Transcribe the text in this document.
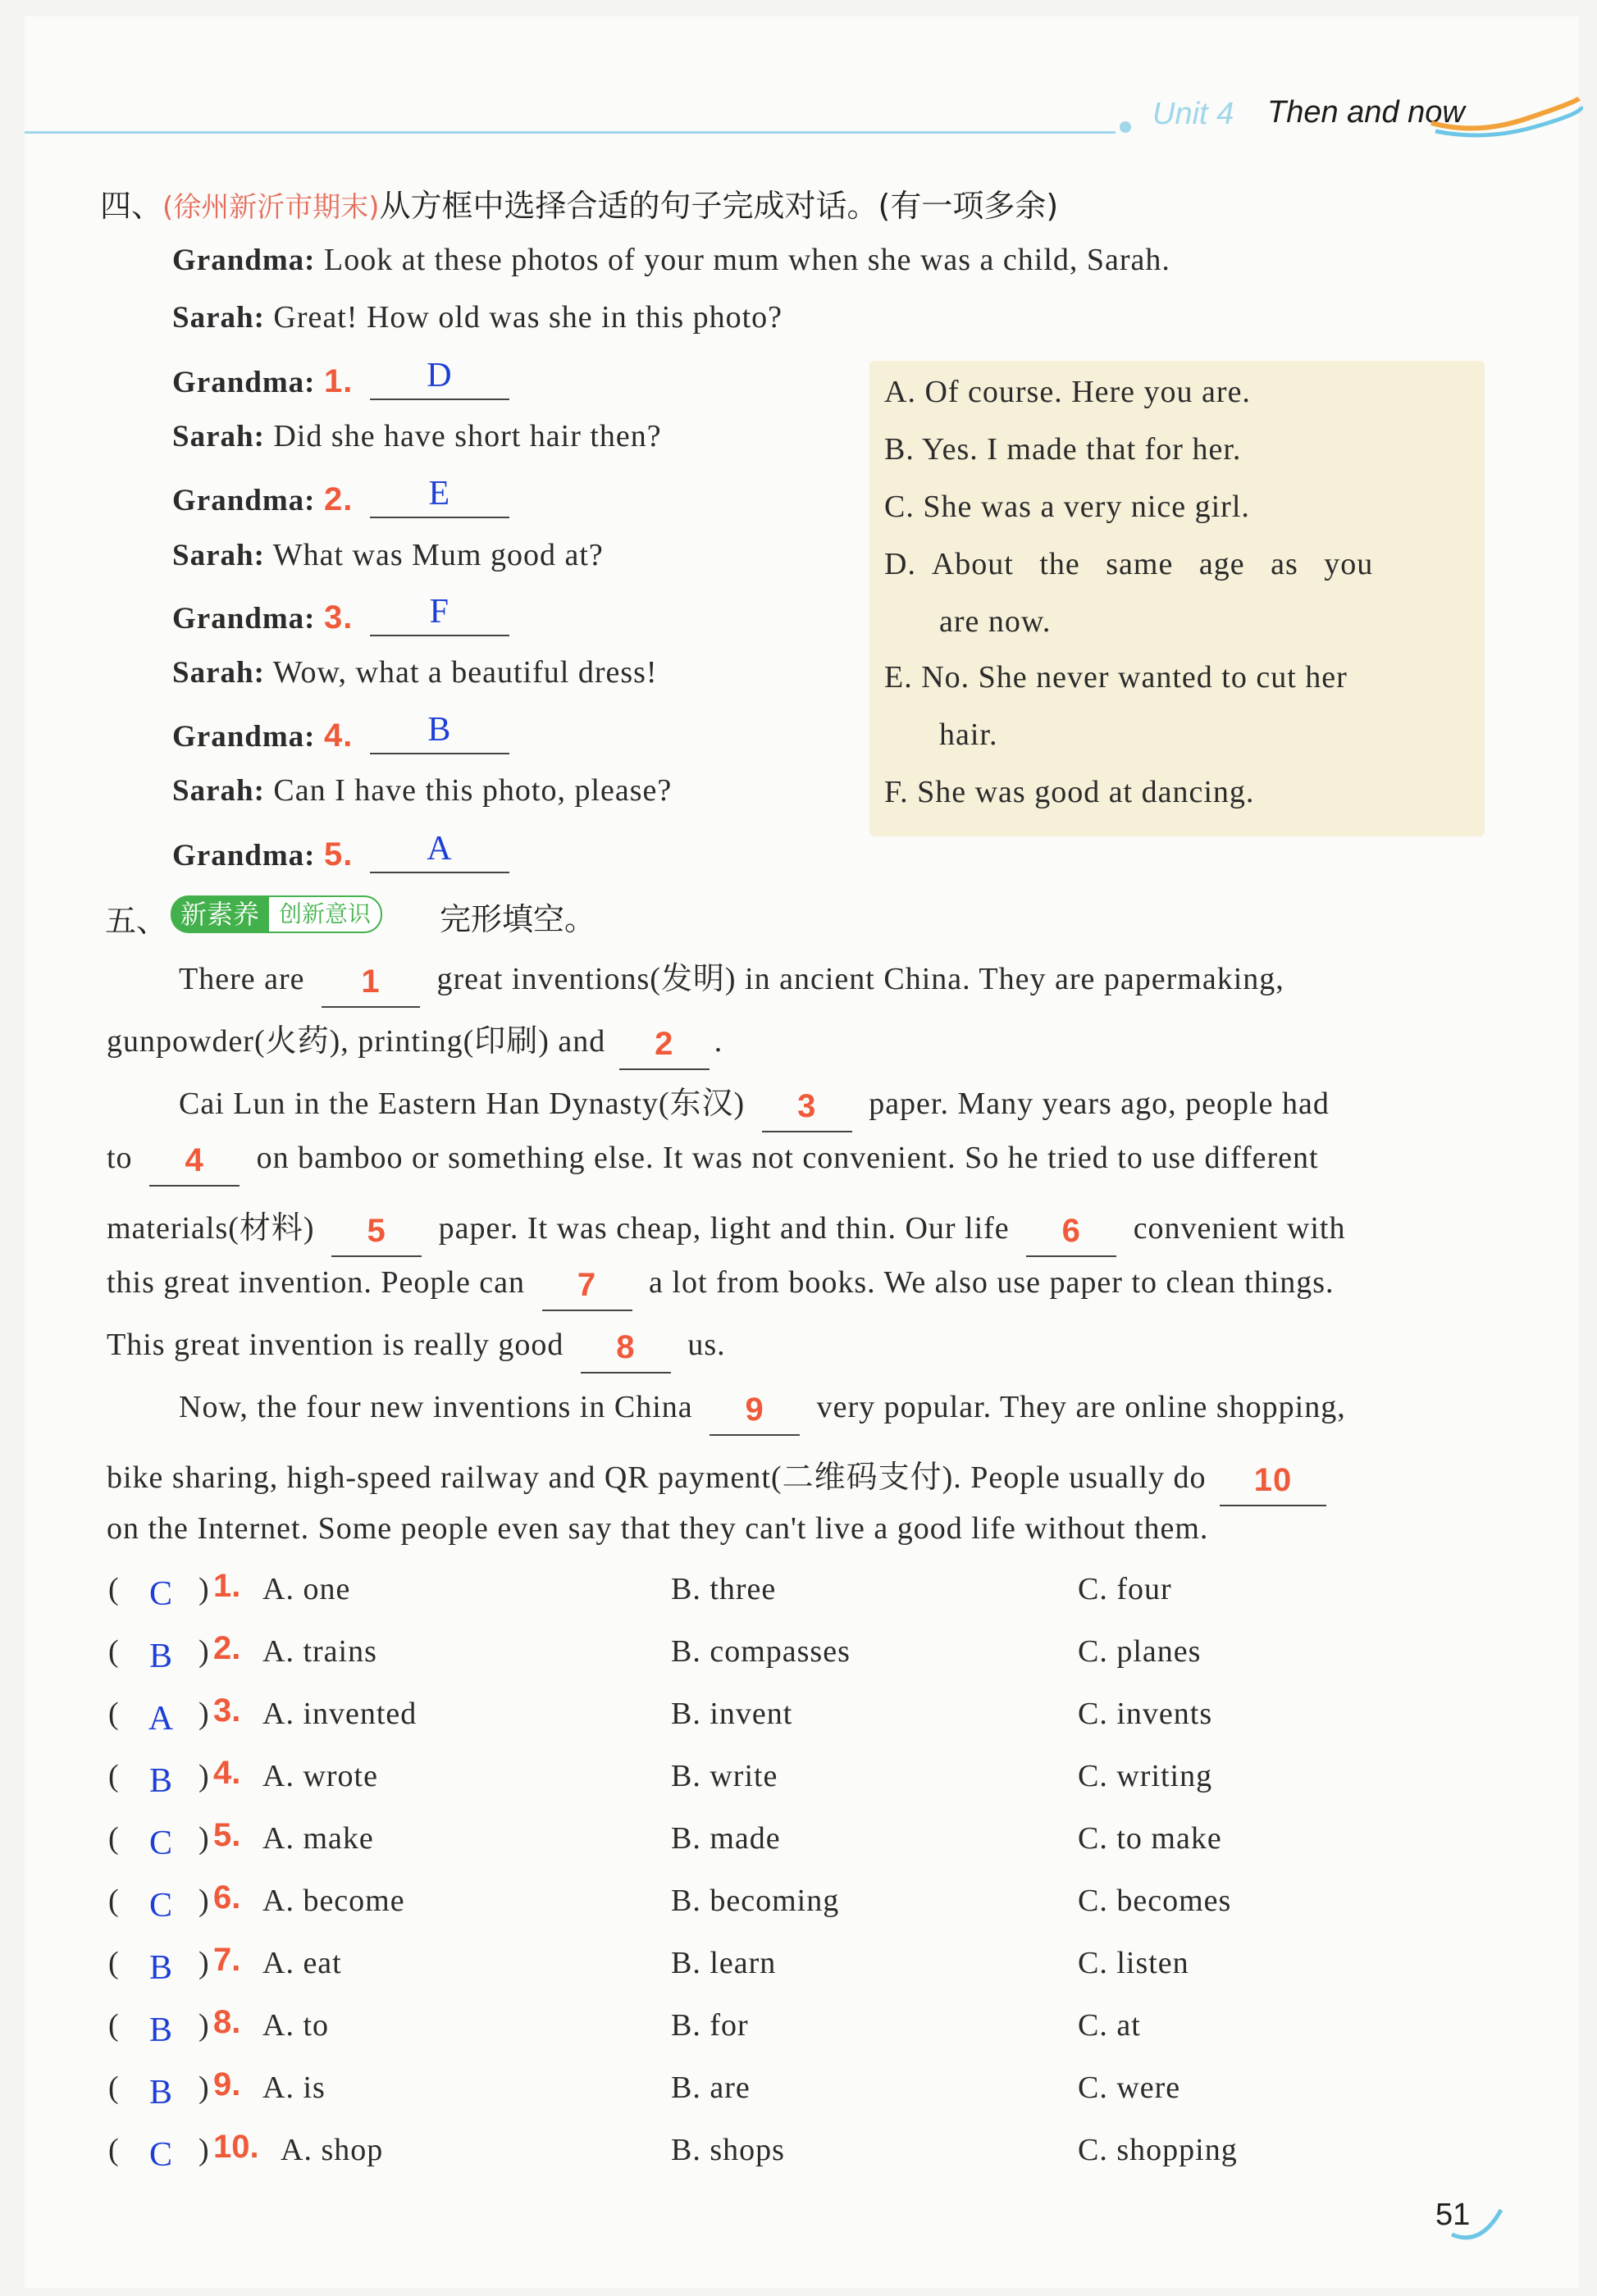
Unit 4 Then and now
四、(徐州新沂市期末)从方框中选择合适的句子完成对话。(有一项多余)
Grandma: Look at these photos of your mum when she was a child, Sarah.
Sarah: Great! How old was she in this photo?
Grandma: 1.	D
Sarah: Did she have short hair then?
Grandma: 2.	E
Sarah: What was Mum good at?
Grandma: 3.	F
Sarah: Wow, what a beautiful dress!
Grandma: 4.	B
Sarah: Can I have this photo, please?
Grandma: 5.	A
A. Of course. Here you are.
B. Yes. I made that for her.
C. She was a very nice girl.
D.  About   the   same   age   as   you
are now.
E. No. She never wanted to cut her
hair.
F. She was good at dancing.
五、 新素养 创新意识	完形填空。
There are 1 great inventions(发明) in ancient China. They are papermaking,
gunpowder(火药), printing(印刷) and 2 .
Cai Lun in the Eastern Han Dynasty(东汉) 3 paper. Many years ago, people had
to 4 on bamboo or something else. It was not convenient. So he tried to use different
materials(材料) 5 paper. It was cheap, light and thin. Our life 6 convenient with
this great invention. People can 7 a lot from books. We also use paper to clean things.
This great invention is really good 8 us.
Now, the four new inventions in China 9 very popular. They are online shopping,
bike sharing, high-speed railway and QR payment(二维码支付). People usually do 10
on the Internet. Some people even say that they can't live a good life without them.
( C ) 1. A. one	B. three	C. four
( B ) 2. A. trains	B. compasses	C. planes
( A ) 3. A. invented	B. invent	C. invents
( B ) 4. A. wrote	B. write	C. writing
( C ) 5. A. make	B. made	C. to make
( C ) 6. A. become	B. becoming	C. becomes
( B ) 7. A. eat	B. learn	C. listen
( B ) 8. A. to	B. for	C. at
( B ) 9. A. is	B. are	C. were
( C ) 10. A. shop	B. shops	C. shopping
51
